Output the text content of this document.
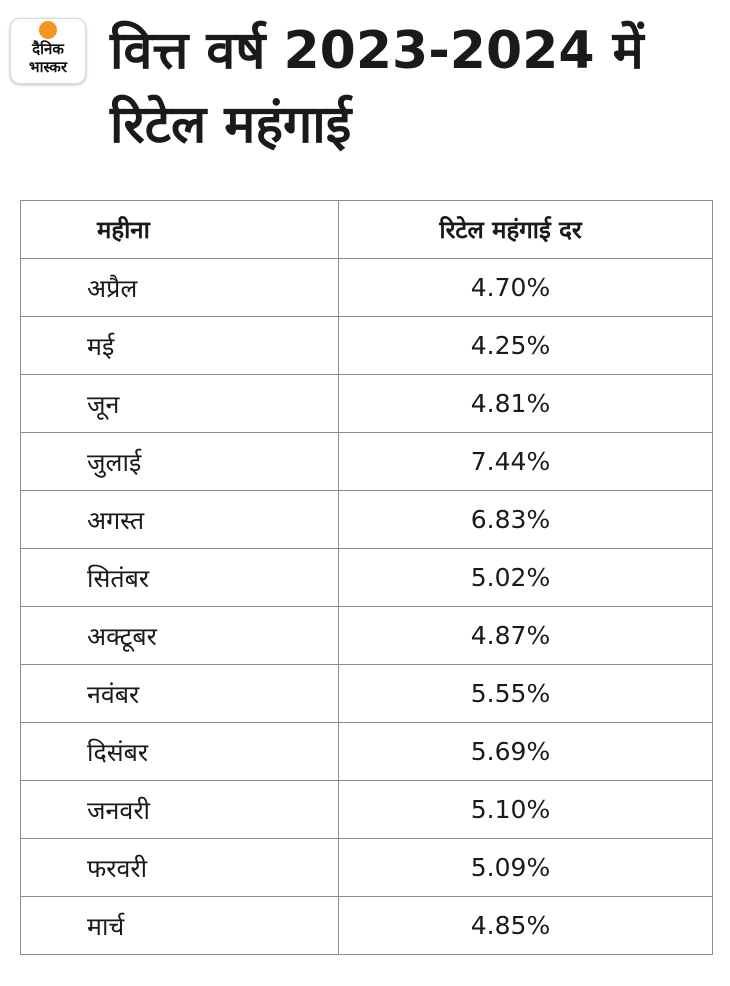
दैनिक
भास्कर वित्त वर्ष 2023-2024 में
रिटेल महंगाई
महीना	रिटेल महंगाई दर
अप्रैल	4.70%
मई	4.25%
जून	4.81%
जुलाई	7.44%
अगस्त	6.83%
सितंबर	5.02%
अक्टूबर	4.87%
नवंबर	5.55%
दिसंबर	5.69%
जनवरी	5.10%
फरवरी	5.09%
मार्च	4.85%
